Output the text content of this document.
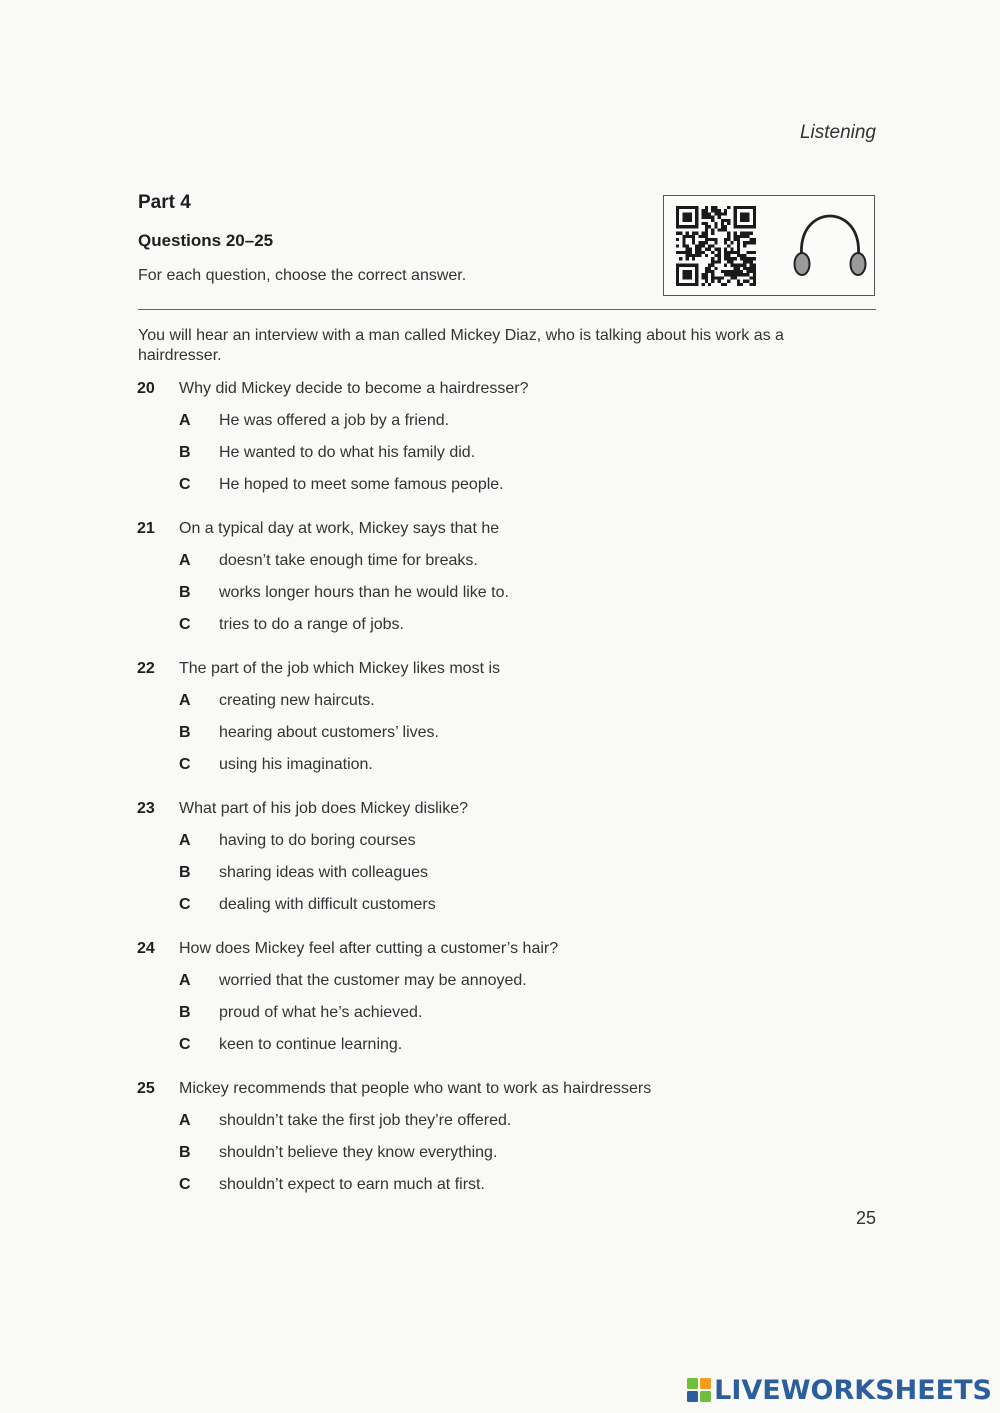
Listening
Part 4
Questions 20–25
For each question, choose the correct answer.
You will hear an interview with a man called Mickey Diaz, who is talking about his work as a hairdresser.
20 Why did Mickey decide to become a hairdresser?
A He was offered a job by a friend.
B He wanted to do what his family did.
C He hoped to meet some famous people.
21 On a typical day at work, Mickey says that he
A doesn’t take enough time for breaks.
B works longer hours than he would like to.
C tries to do a range of jobs.
22 The part of the job which Mickey likes most is
A creating new haircuts.
B hearing about customers’ lives.
C using his imagination.
23 What part of his job does Mickey dislike?
A having to do boring courses
B sharing ideas with colleagues
C dealing with difficult customers
24 How does Mickey feel after cutting a customer’s hair?
A worried that the customer may be annoyed.
B proud of what he’s achieved.
C keen to continue learning.
25 Mickey recommends that people who want to work as hairdressers
A shouldn’t take the first job they’re offered.
B shouldn’t believe they know everything.
C shouldn’t expect to earn much at first.
25
LIVEWORKSHEETS
